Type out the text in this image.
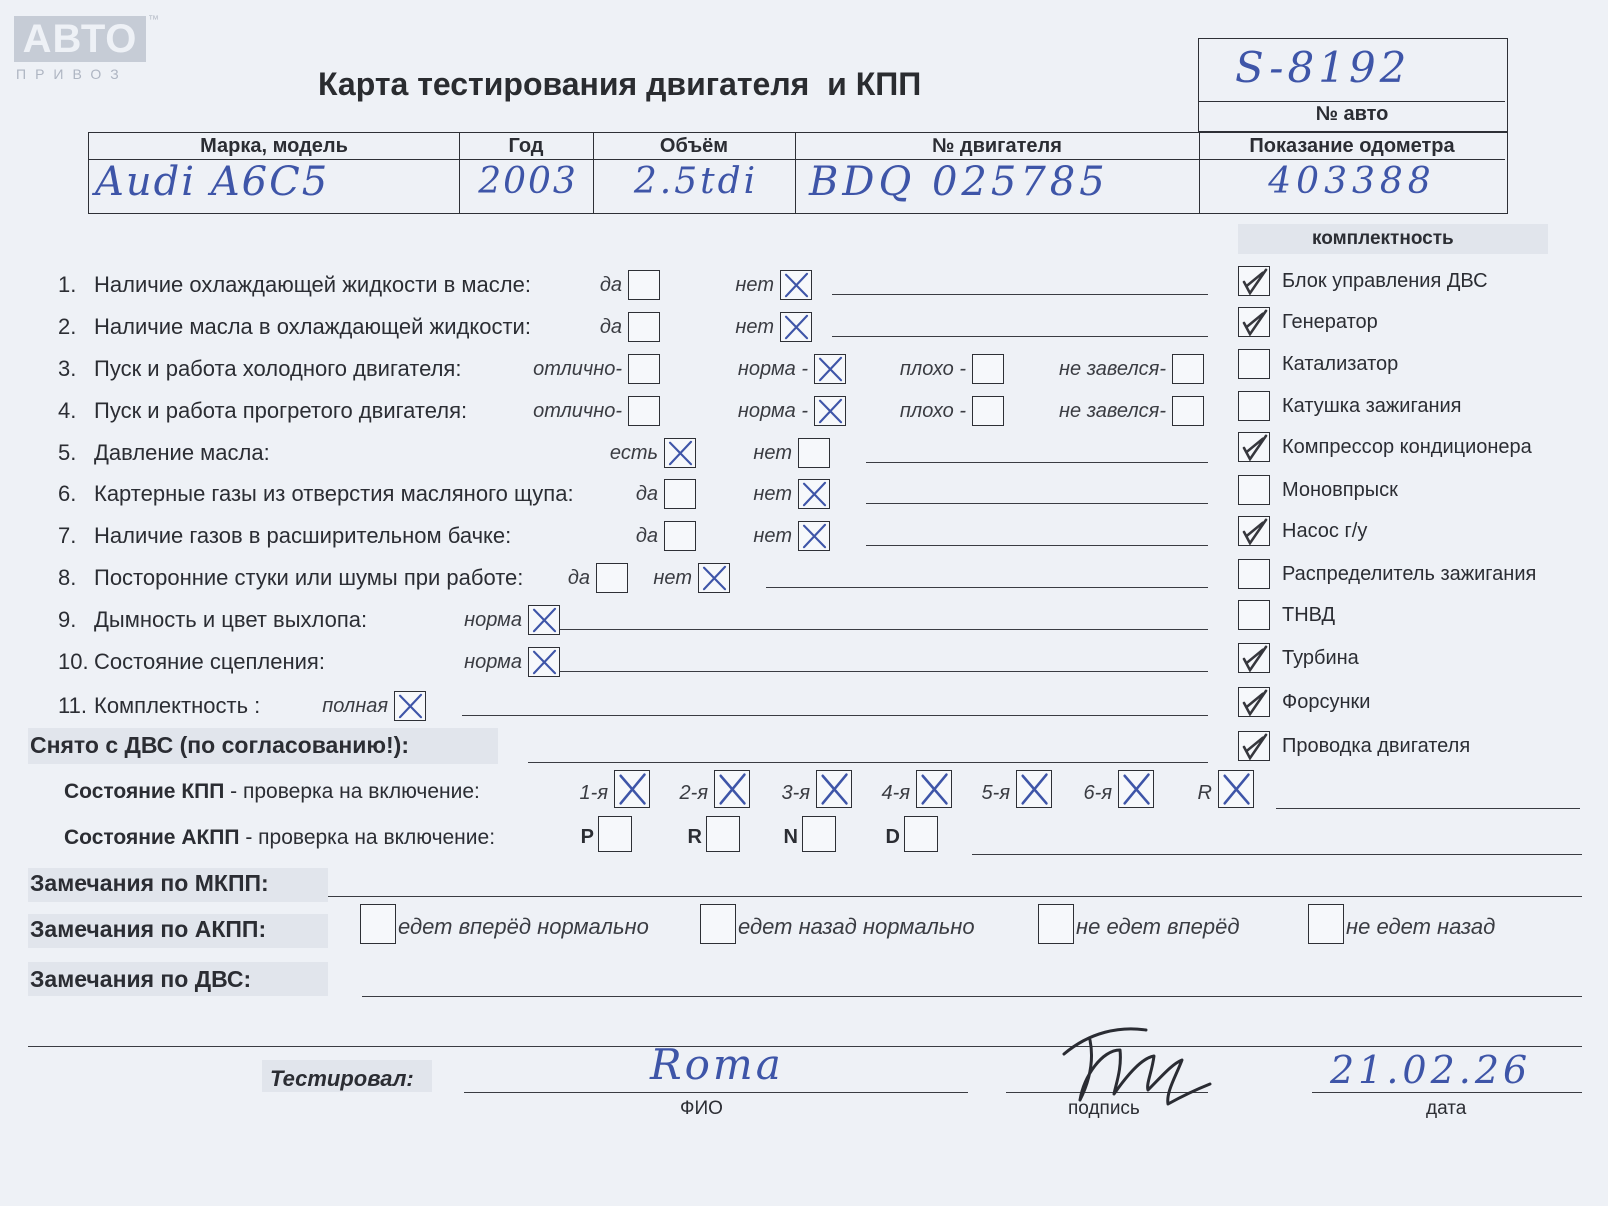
АВТО ™
ПРИВОЗ	Карта тестирования двигателя  и КПП	S-8192
№ авто
Марка, модель	Год	Объём	№ двигателя	Показание одометра
Audi A6C5	2003	2.5tdi	BDQ 025785	403388
комплектность
1. Наличие охлаждающей жидкости в масле:	да	нет
2. Наличие масла в охлаждающей жидкости:	да	нет
3. Пуск и работа холодного двигателя:	отлично-	норма -	плохо -	не завелся-
4. Пуск и работа прогретого двигателя:	отлично-	норма -	плохо -	не завелся-
5. Давление масла:	есть	нет
6. Картерные газы из отверстия масляного щупа:	да	нет
7. Наличие газов в расширительном бачке:	да	нет
8. Посторонние стуки или шумы при работе:	да	нет
9. Дымность и цвет выхлопа:	норма
10. Состояние сцепления:	норма
11. Комплектность :	полная
Блок управления ДВС
Генератор
Катализатор
Катушка зажигания
Компрессор кондиционера
Моновпрыск
Насос г/у
Распределитель зажигания
ТНВД
Турбина
Форсунки
Проводка двигателя
Снято с ДВС (по согласованию!):
Состояние КПП - проверка на включение:	1-я	2-я	3-я	4-я	5-я	6-я	R
Состояние АКПП - проверка на включение:	P	R	N	D
Замечания по МКПП:
Замечания по АКПП:	едет вперёд нормально	едет назад нормально	не едет вперёд	не едет назад
Замечания по ДВС:
Тестировал:	Roma
ФИО	подпись
21.02.26
дата
